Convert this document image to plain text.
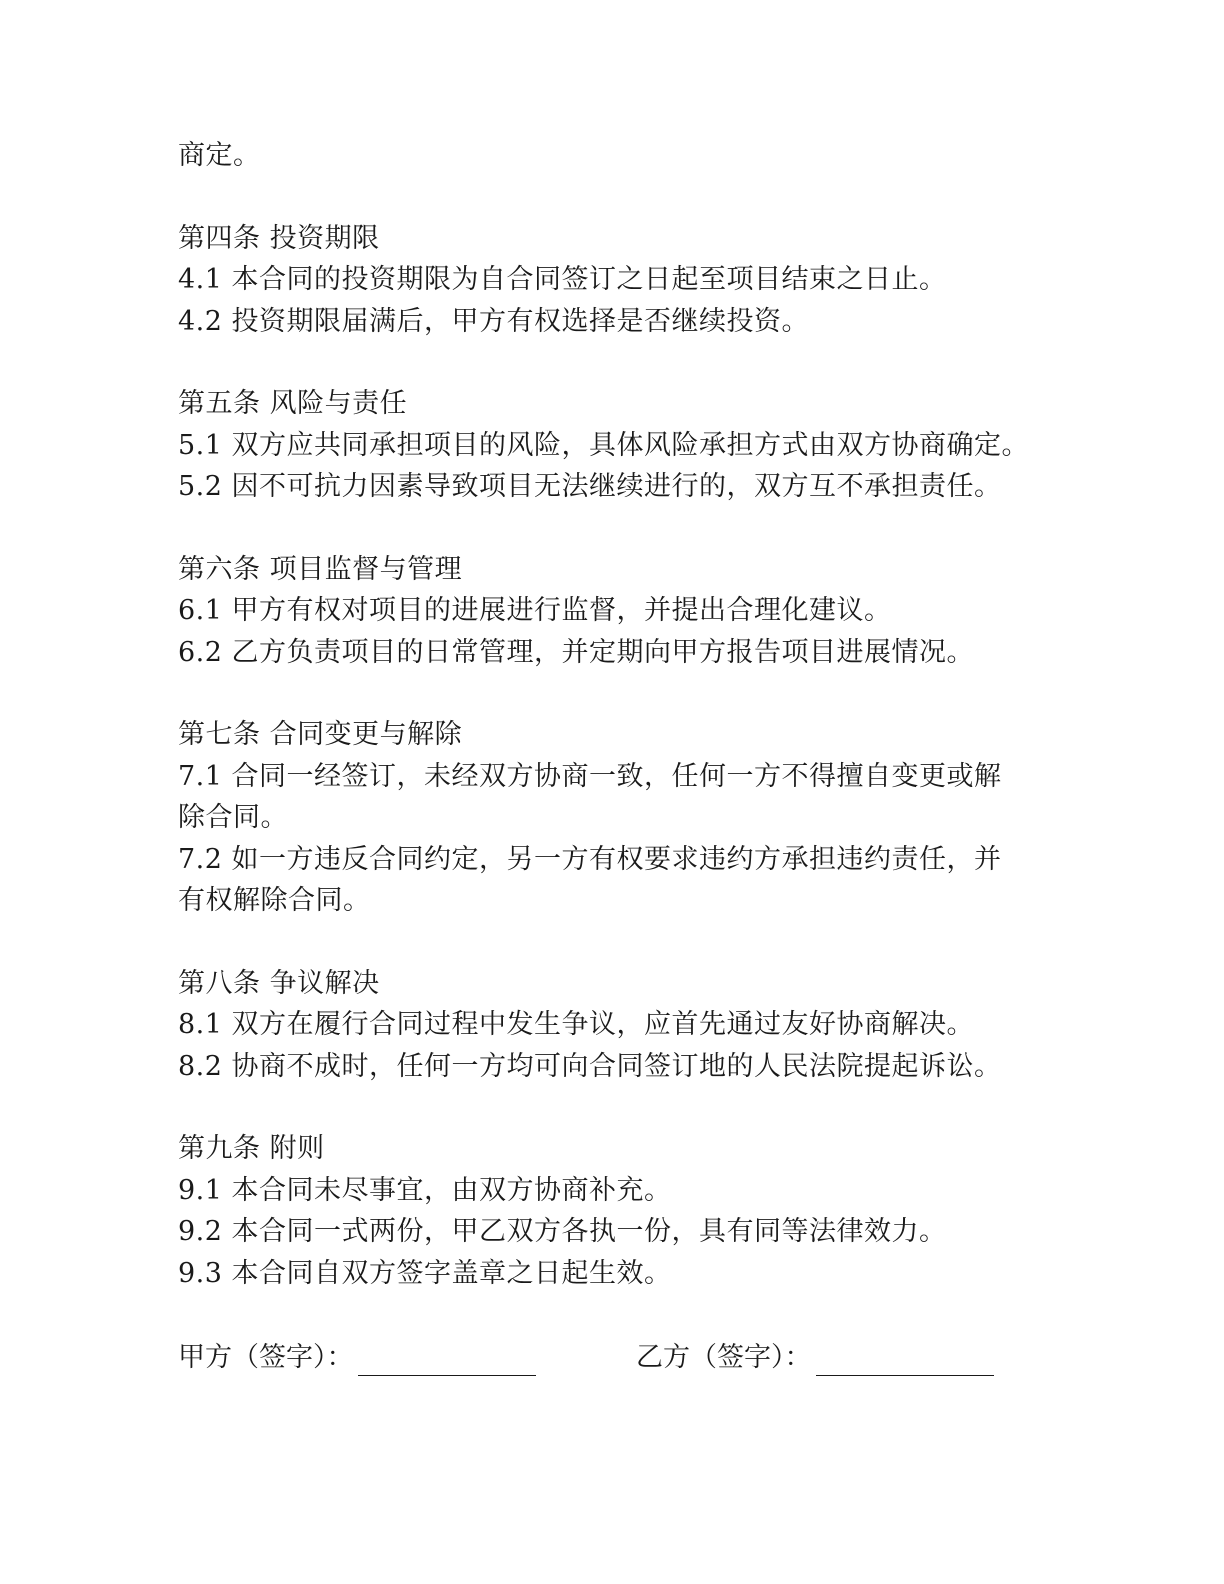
商定。
第四条 投资期限
4.1 本合同的投资期限为自合同签订之日起至项目结束之日止。
4.2 投资期限届满后，甲方有权选择是否继续投资。
第五条 风险与责任
5.1 双方应共同承担项目的风险，具体风险承担方式由双方协商确定。
5.2 因不可抗力因素导致项目无法继续进行的，双方互不承担责任。
第六条 项目监督与管理
6.1 甲方有权对项目的进展进行监督，并提出合理化建议。
6.2 乙方负责项目的日常管理，并定期向甲方报告项目进展情况。
第七条 合同变更与解除
7.1 合同一经签订，未经双方协商一致，任何一方不得擅自变更或解
除合同。
7.2 如一方违反合同约定，另一方有权要求违约方承担违约责任，并
有权解除合同。
第八条 争议解决
8.1 双方在履行合同过程中发生争议，应首先通过友好协商解决。
8.2 协商不成时，任何一方均可向合同签订地的人民法院提起诉讼。
第九条 附则
9.1 本合同未尽事宜，由双方协商补充。
9.2 本合同一式两份，甲乙双方各执一份，具有同等法律效力。
9.3 本合同自双方签字盖章之日起生效。
甲方（签字）：	乙方（签字）：
